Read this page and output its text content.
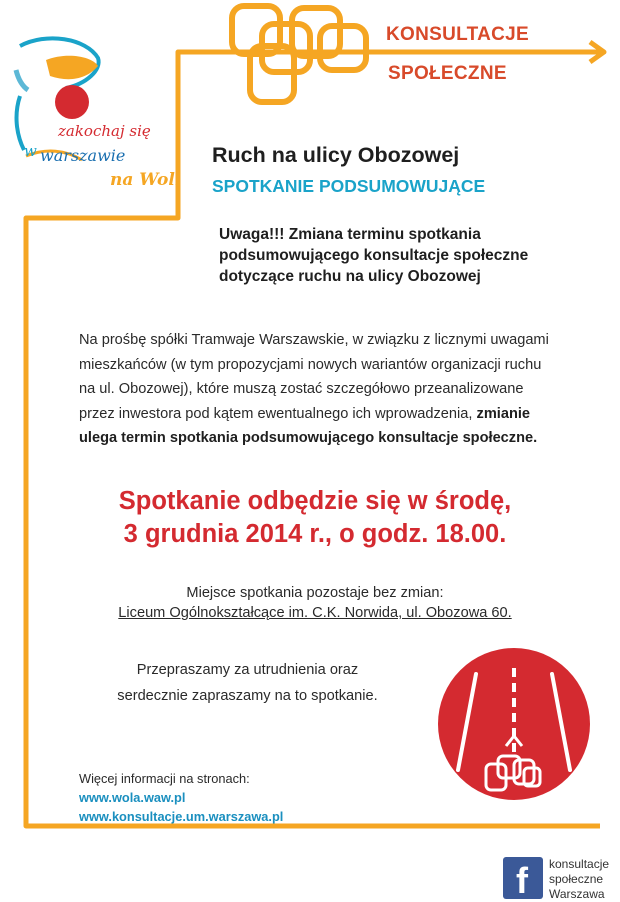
zakochaj się
w warszawie
na Woli
KONSULTACJE
SPOŁECZNE
Ruch na ulicy Obozowej
SPOTKANIE PODSUMOWUJĄCE
Uwaga!!! Zmiana terminu spotkania podsumowującego konsultacje społeczne dotyczące ruchu na ulicy Obozowej
Na prośbę spółki Tramwaje Warszawskie, w związku z licznymi uwagami mieszkańców (w tym propozycjami nowych wariantów organizacji ruchu na ul. Obozowej), które muszą zostać szczegółowo przeanalizowane przez inwestora pod kątem ewentualnego ich wprowadzenia, zmianie ulega termin spotkania podsumowującego konsultacje społeczne.
Spotkanie odbędzie się w środę,
3 grudnia 2014 r., o godz. 18.00.
Miejsce spotkania pozostaje bez zmian:
Liceum Ogólnokształcące im. C.K. Norwida, ul. Obozowa 60.
Przepraszamy za utrudnienia oraz
serdecznie zapraszamy na to spotkanie.
Więcej informacji na stronach:
www.wola.waw.pl
www.konsultacje.um.warszawa.pl
f konsultacje
społeczne
Warszawa
